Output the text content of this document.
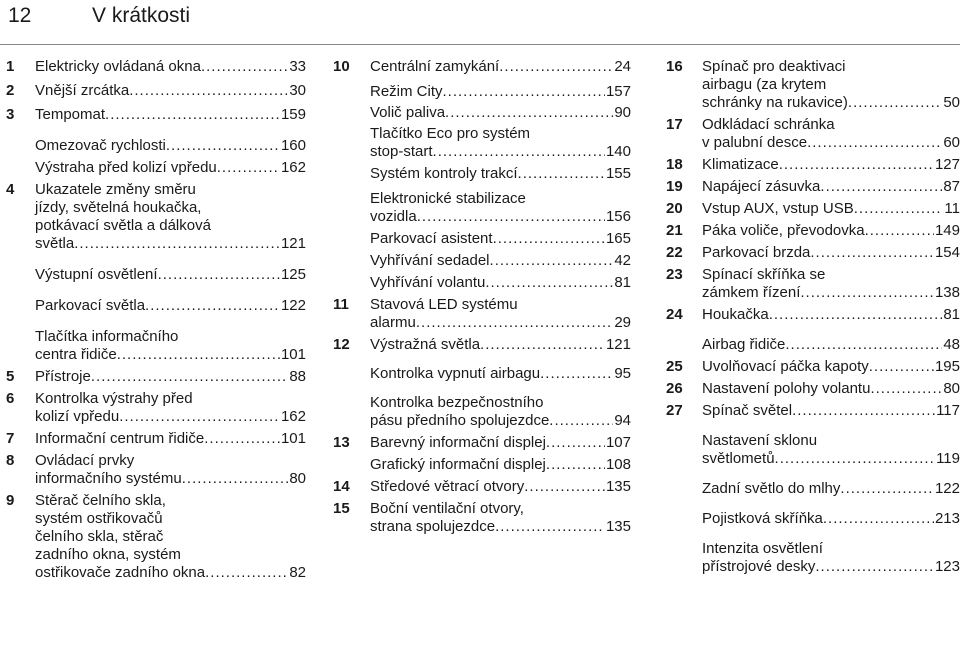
12	V krátkosti
1 Elektricky ovládaná okna .....	33
2 Vnější zrcátka .....	30
3 Tempomat .....	159
Omezovač rychlosti .....	160
Výstraha před kolizí vpředu .....	162
4 Ukazatele změny směru
jízdy, světelná houkačka,
potkávací světla a dálková
světla .....	121
Výstupní osvětlení .....	125
Parkovací světla .....	122
Tlačítka informačního
centra řidiče .....	101
5 Přístroje .....	88
6 Kontrolka výstrahy před
kolizí vpředu .....	162
7 Informační centrum řidiče .....	101
8 Ovládací prvky
informačního systému .....	80
9 Stěrač čelního skla,
systém ostřikovačů
čelního skla, stěrač
zadního okna, systém
ostřikovače zadního okna .....	82
10 Centrální zamykání .....	24
Režim City .....	157
Volič paliva .....	90
Tlačítko Eco pro systém
stop-start .....	140
Systém kontroly trakcí .....	155
Elektronické stabilizace
vozidla .....	156
Parkovací asistent .....	165
Vyhřívání sedadel .....	42
Vyhřívání volantu .....	81
11 Stavová LED systému
alarmu .....	29
12 Výstražná světla .....	121
Kontrolka vypnutí airbagu .....	95
Kontrolka bezpečnostního
pásu předního spolujezdce .....	94
13 Barevný informační displej .....	107
Grafický informační displej .....	108
14 Středové větrací otvory .....	135
15 Boční ventilační otvory,
strana spolujezdce .....	135
16 Spínač pro deaktivaci
airbagu (za krytem
schránky na rukavice) .....	50
17 Odkládací schránka
v palubní desce .....	60
18 Klimatizace .....	127
19 Napájecí zásuvka .....	87
20 Vstup AUX, vstup USB .....	11
21 Páka voliče, převodovka .....	149
22 Parkovací brzda .....	154
23 Spínací skříňka se
zámkem řízení .....	138
24 Houkačka .....	81
Airbag řidiče .....	48
25 Uvolňovací páčka kapoty .....	195
26 Nastavení polohy volantu .....	80
27 Spínač světel .....	117
Nastavení sklonu
světlometů .....	119
Zadní světlo do mlhy .....	122
Pojistková skříňka .....	213
Intenzita osvětlení
přístrojové desky .....	123
